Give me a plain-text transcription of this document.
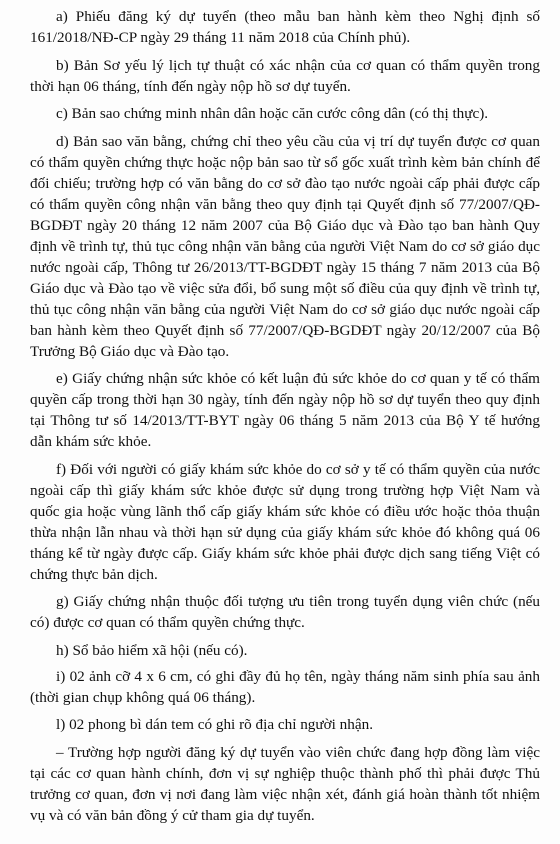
a) Phiếu đăng ký dự tuyển (theo mẫu ban hành kèm theo Nghị định số 161/2018/NĐ-CP ngày 29 tháng 11 năm 2018 của Chính phủ).

b) Bản Sơ yếu lý lịch tự thuật có xác nhận của cơ quan có thẩm quyền trong thời hạn 06 tháng, tính đến ngày nộp hồ sơ dự tuyển.

c) Bản sao chứng minh nhân dân hoặc căn cước công dân (có thị thực).

d) Bản sao văn bằng, chứng chỉ theo yêu cầu của vị trí dự tuyển được cơ quan có thẩm quyền chứng thực hoặc nộp bản sao từ sổ gốc xuất trình kèm bản chính để đối chiếu; trường hợp có văn bằng do cơ sở đào tạo nước ngoài cấp phải được cấp có thẩm quyền công nhận văn bằng theo quy định tại Quyết định số 77/2007/QĐ-BGDĐT ngày 20 tháng 12 năm 2007 của Bộ Giáo dục và Đào tạo ban hành Quy định về trình tự, thủ tục công nhận văn bằng của người Việt Nam do cơ sở giáo dục nước ngoài cấp, Thông tư 26/2013/TT-BGDĐT ngày 15 tháng 7 năm 2013 của Bộ Giáo dục và Đào tạo về việc sửa đổi, bổ sung một số điều của quy định về trình tự, thủ tục công nhận văn bằng của người Việt Nam do cơ sở giáo dục nước ngoài cấp ban hành kèm theo Quyết định số 77/2007/QĐ-BGDĐT ngày 20/12/2007 của Bộ Trưởng Bộ Giáo dục và Đào tạo.

e) Giấy chứng nhận sức khỏe có kết luận đủ sức khỏe do cơ quan y tế có thẩm quyền cấp trong thời hạn 30 ngày, tính đến ngày nộp hồ sơ dự tuyển theo quy định tại Thông tư số 14/2013/TT-BYT ngày 06 tháng 5 năm 2013 của Bộ Y tế hướng dẫn khám sức khỏe.

f) Đối với người có giấy khám sức khỏe do cơ sở y tế có thẩm quyền của nước ngoài cấp thì giấy khám sức khỏe được sử dụng trong trường hợp Việt Nam và quốc gia hoặc vùng lãnh thổ cấp giấy khám sức khỏe có điều ước hoặc thỏa thuận thừa nhận lẫn nhau và thời hạn sử dụng của giấy khám sức khỏe đó không quá 06 tháng kể từ ngày được cấp. Giấy khám sức khỏe phải được dịch sang tiếng Việt có chứng thực bản dịch.

g) Giấy chứng nhận thuộc đối tượng ưu tiên trong tuyển dụng viên chức (nếu có) được cơ quan có thẩm quyền chứng thực.

h) Sổ bảo hiểm xã hội (nếu có).

i) 02 ảnh cỡ 4 x 6 cm, có ghi đầy đủ họ tên, ngày tháng năm sinh phía sau ảnh (thời gian chụp không quá 06 tháng).

l) 02 phong bì dán tem có ghi rõ địa chỉ người nhận.

– Trường hợp người đăng ký dự tuyển vào viên chức đang hợp đồng làm việc tại các cơ quan hành chính, đơn vị sự nghiệp thuộc thành phố thì phải được Thủ trưởng cơ quan, đơn vị nơi đang làm việc nhận xét, đánh giá hoàn thành tốt nhiệm vụ và có văn bản đồng ý cử tham gia dự tuyển.
